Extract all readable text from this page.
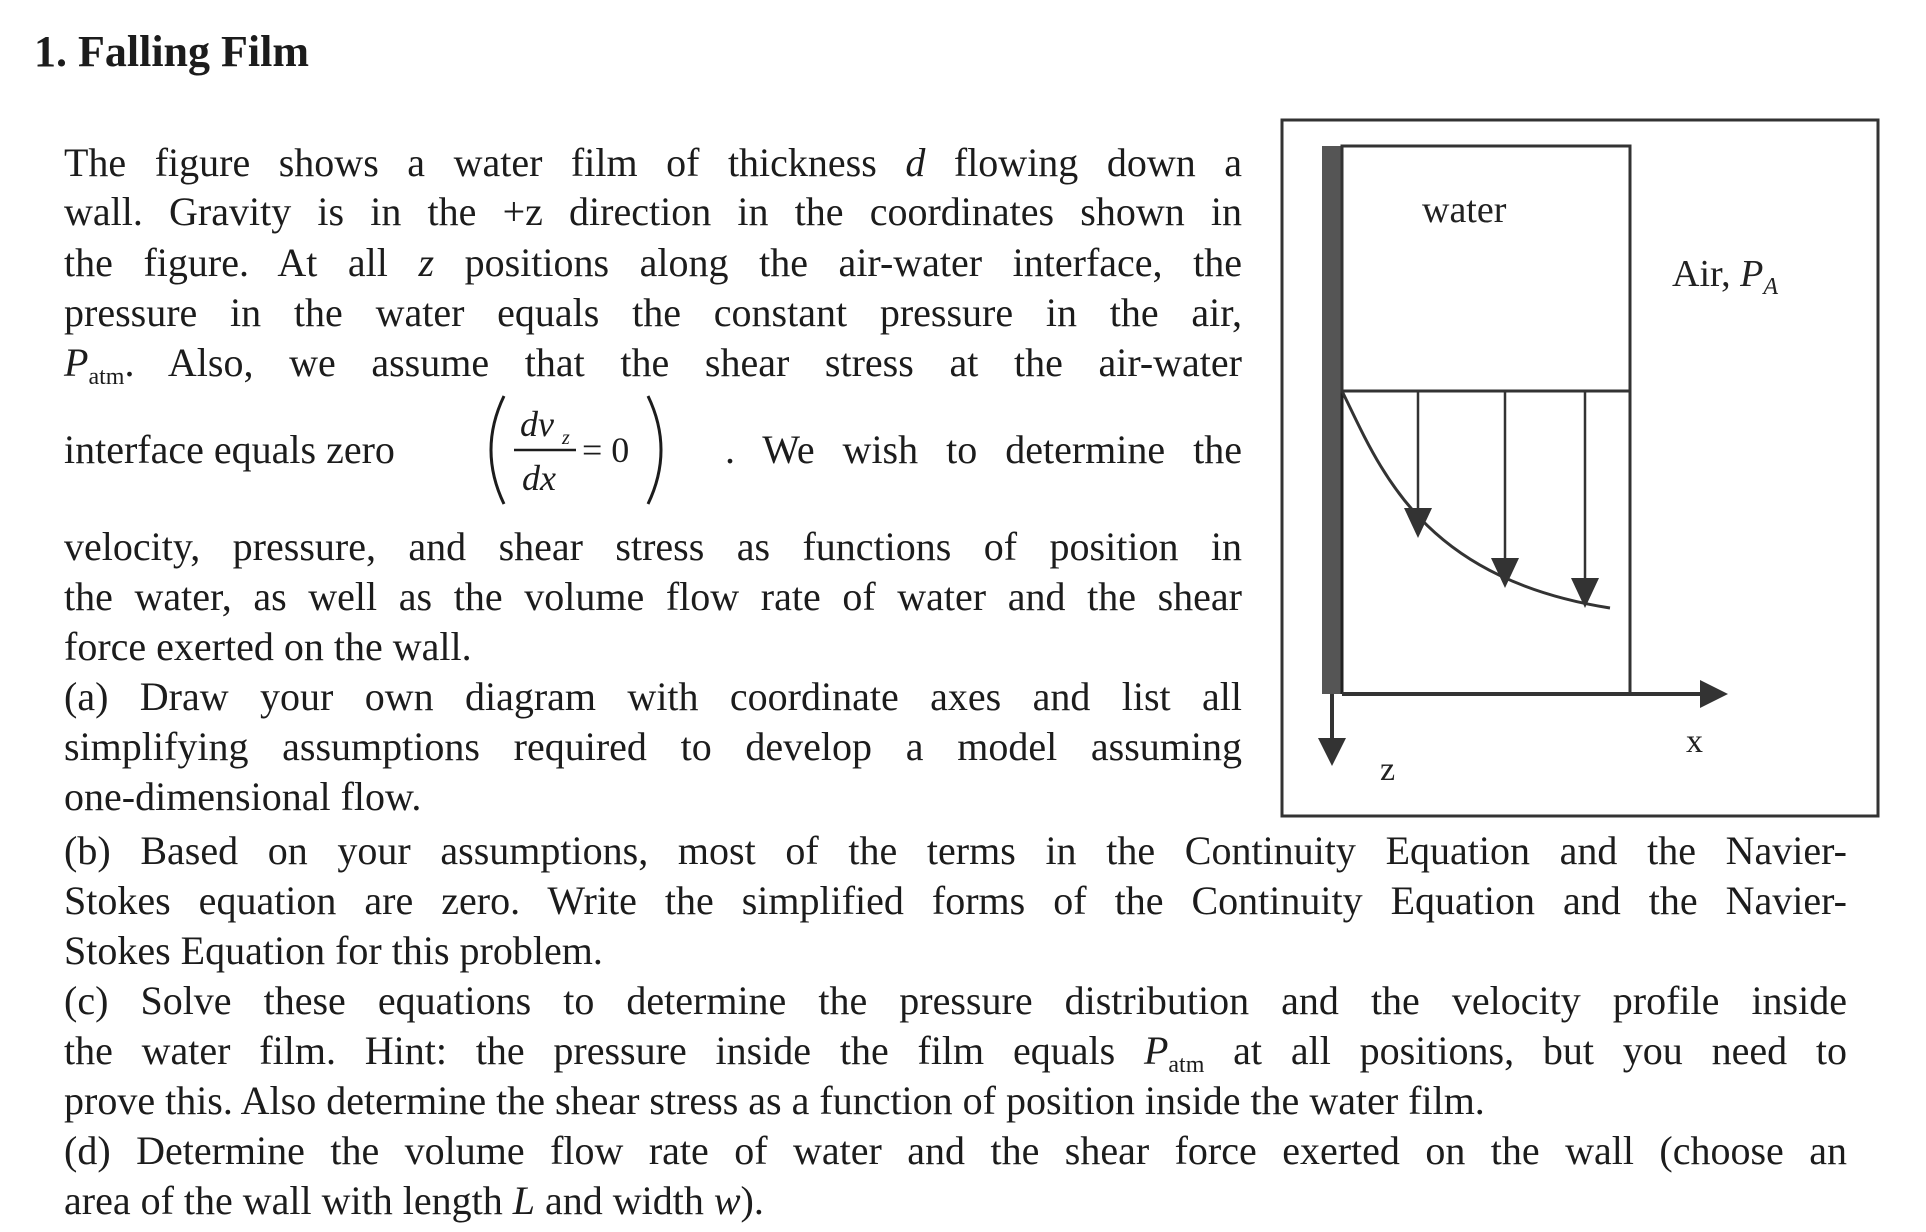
1. Falling Film
The figure shows a water film of thickness d flowing down a
wall. Gravity is in the +z direction in the coordinates shown in
the figure. At all z positions along the air-water interface, the
pressure in the water equals the constant pressure in the air,
$P_{atm}$. Also, we assume that the shear stress at the air-water
interface equals zero
dv z
dx
= 0 . We wish to determine the
velocity, pressure, and shear stress as functions of position in
the water, as well as the volume flow rate of water and the shear
force exerted on the wall.
(a) Draw your own diagram with coordinate axes and list all
simplifying assumptions required to develop a model assuming
one-dimensional flow.
(b) Based on your assumptions, most of the terms in the Continuity Equation and the Navier-
Stokes equation are zero. Write the simplified forms of the Continuity Equation and the Navier-
Stokes Equation for this problem.
(c) Solve these equations to determine the pressure distribution and the velocity profile inside
the water film. Hint: the pressure inside the film equals $P_{atm}$ at all positions, but you need to
prove this. Also determine the shear stress as a function of position inside the water film.
(d) Determine the volume flow rate of water and the shear force exerted on the wall (choose an
area of the wall with length L and width w).
water
Air, $P_A$
x
z
